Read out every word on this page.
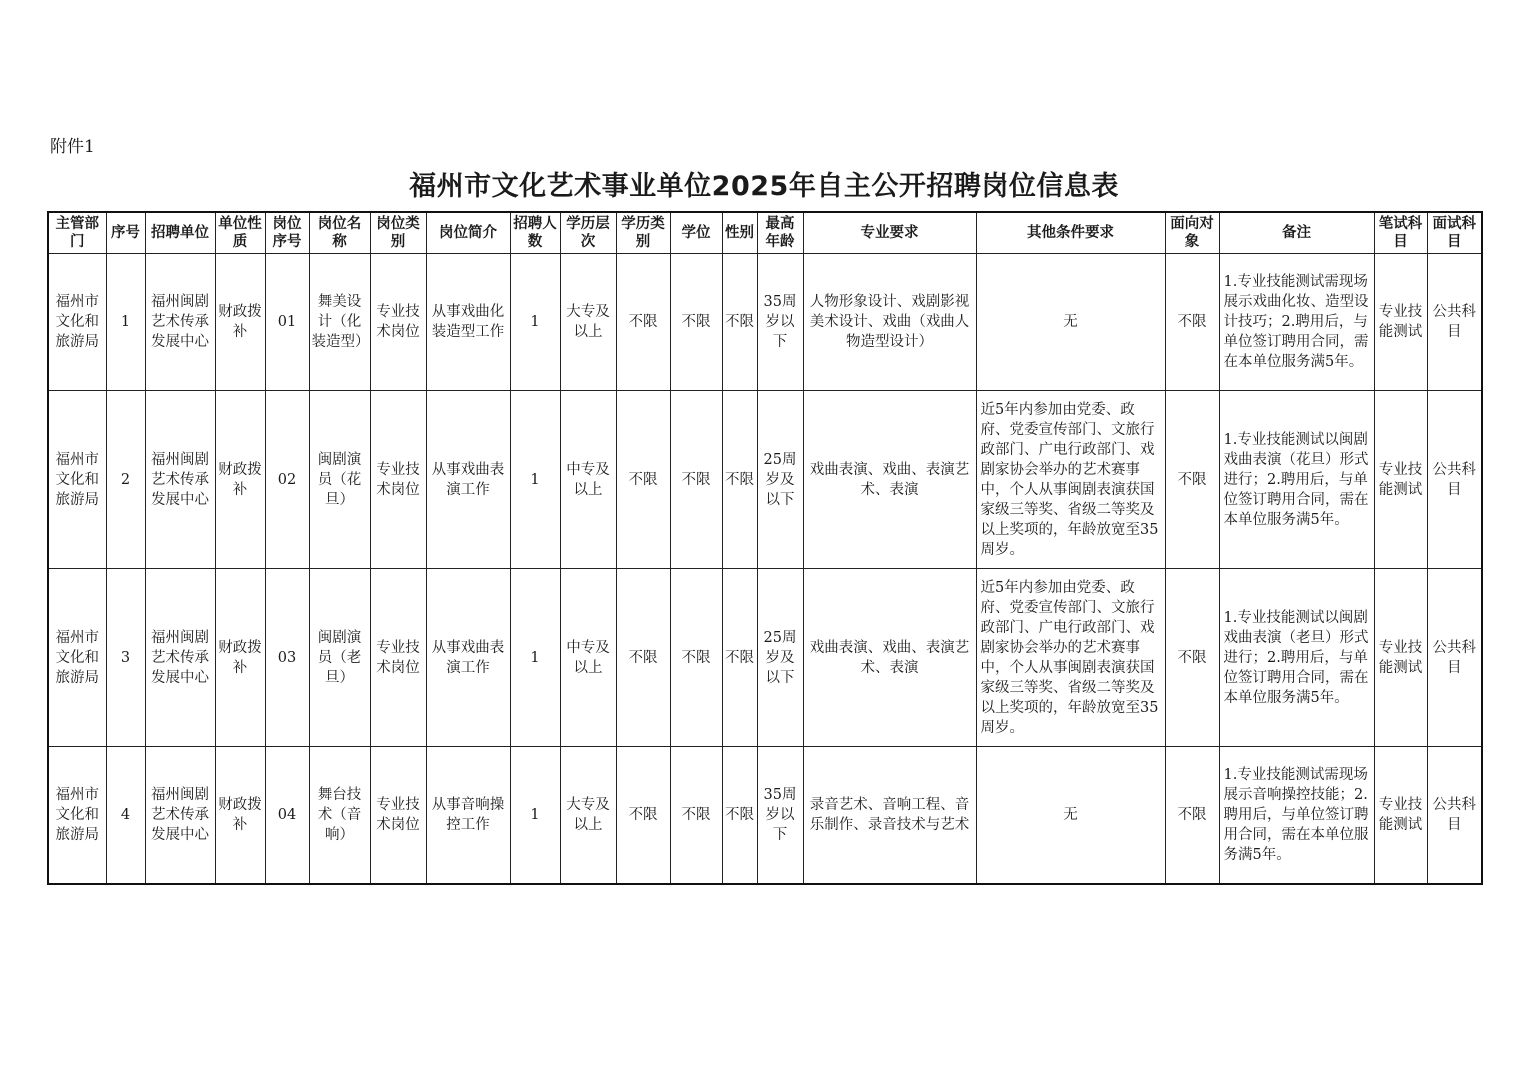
附件1
福州市文化艺术事业单位2025年自主公开招聘岗位信息表
主管部门	序号	招聘单位	单位性质	岗位序号	岗位名称	岗位类别	岗位简介	招聘人数	学历层次	学历类别	学位	性别	最高年龄	专业要求	其他条件要求	面向对象	备注	笔试科目	面试科目
福州市文化和旅游局	1	福州闽剧艺术传承发展中心	财政拨补	01	舞美设计（化装造型）	专业技术岗位	从事戏曲化装造型工作	1	大专及以上	不限	不限	不限	35周岁以下	人物形象设计、戏剧影视美术设计、戏曲（戏曲人物造型设计）	无	不限	1.专业技能测试需现场展示戏曲化妆、造型设计技巧；2.聘用后，与单位签订聘用合同，需在本单位服务满5年。	专业技能测试	公共科目
福州市文化和旅游局	2	福州闽剧艺术传承发展中心	财政拨补	02	闽剧演员（花旦）	专业技术岗位	从事戏曲表演工作	1	中专及以上	不限	不限	不限	25周岁及以下	戏曲表演、戏曲、表演艺术、表演	近5年内参加由党委、政府、党委宣传部门、文旅行政部门、广电行政部门、戏剧家协会举办的艺术赛事中，个人从事闽剧表演获国家级三等奖、省级二等奖及以上奖项的，年龄放宽至35周岁。	不限	1.专业技能测试以闽剧戏曲表演（花旦）形式进行；2.聘用后，与单位签订聘用合同，需在本单位服务满5年。	专业技能测试	公共科目
福州市文化和旅游局	3	福州闽剧艺术传承发展中心	财政拨补	03	闽剧演员（老旦）	专业技术岗位	从事戏曲表演工作	1	中专及以上	不限	不限	不限	25周岁及以下	戏曲表演、戏曲、表演艺术、表演	近5年内参加由党委、政府、党委宣传部门、文旅行政部门、广电行政部门、戏剧家协会举办的艺术赛事中，个人从事闽剧表演获国家级三等奖、省级二等奖及以上奖项的，年龄放宽至35周岁。	不限	1.专业技能测试以闽剧戏曲表演（老旦）形式进行；2.聘用后，与单位签订聘用合同，需在本单位服务满5年。	专业技能测试	公共科目
福州市文化和旅游局	4	福州闽剧艺术传承发展中心	财政拨补	04	舞台技术（音响）	专业技术岗位	从事音响操控工作	1	大专及以上	不限	不限	不限	35周岁以下	录音艺术、音响工程、音乐制作、录音技术与艺术	无	不限	1.专业技能测试需现场展示音响操控技能；2.聘用后，与单位签订聘用合同，需在本单位服务满5年。	专业技能测试	公共科目
